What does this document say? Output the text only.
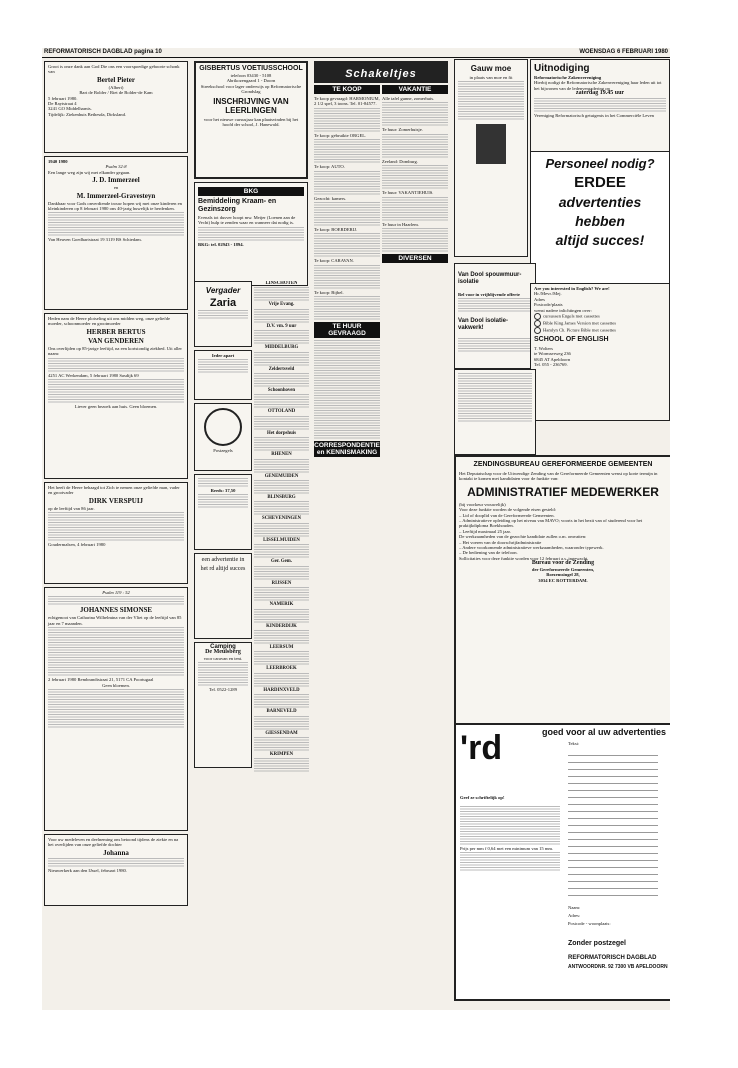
REFORMATORISCH DAGBLAD pagina 10	WOENSDAG 6 FEBRUARI 1980

Groot is onze dank aan God Die ons een voorspoedige geboorte schonk van

Bertel Pieter

(Albert)

Bart de Bolder / Riet de Bolder-de Kam

5 februari 1980.

De Raytstraat 4

3241 GO Middelharnis.

Tijdelijk: Ziekenhuis Bethesda, Dirksland.

1940 1980

Psalm 32:8

Een lange weg zijn wij met elkander gegaan.

J. D. Immerzeel

en

M. Immerzeel-Gravesteyn

Dankbaar voor Gods onverdiende trouw hopen wij met onze kinderen en kleinkinderen op 8 februari 1980 ons 40-jarig huwelijk te herdenken.

Van Heuven Goedhartstraat 19 3119 BS Schiedam.

Heden nam de Heere plotseling uit ons midden weg, onze geliefde moeder, schoonmoeder en grootmoeder

HERBER BERTUS

VAN GENDEREN

Ons overlijden op 85-jarige leeftijd, na een kortstondig ziekbed. Uit aller naam:

4251 AC Werkendam, 5 februari 1980 Sasdijk 69

Liever geen bezoek aan huis. Geen bloemen.

Het heeft de Heere behaagd tot Zich te nemen onze geliefde man, vader en grootvader

DIRK VERSPUIJ

op de leeftijd van 86 jaar.

Goudermalsen, 4 februari 1980

Psalm 119 : 52

JOHANNES SIMONSE

echtgenoot van Catharina Wilhelmina van der Vliet op de leeftijd van 85 jaar en 7 maanden.

2 februari 1980 Rembrandtstraat 21, 5171 CA Poortugaal

Geen bloemen.

Voor uw medeleven en deelneming ons betoond tijdens de ziekte en na het overlijden van onze geliefde dochter

Johanna

Nieuwerkerk aan den IJssel, februari 1980.

GISBERTUS VOETIUSSCHOOL

telefoon 03430 - 5108

Abrikozengaard 1 - Doorn

Streekschool voor lager onderwijs op Reformatorische Grondslag

INSCHRIJVING VAN LEERLINGEN

voor het nieuwe cursusjaar kan plaatsvinden bij het hoofd der school, J. Hanewald.

BKG

Bemiddeling Kraam- en Gezinszorg

Evenals tot dusver hoopt mw. Meijer (Loenen aan de Vecht) hulp te zenden waar en wanneer dat nodig is.

BKG: tel. 02943 - 1894.

Vergader

Zaria

Ieder apart

Postzegels

Reeds: 37,50

een advertentie in het rd altijd succes

Camping

De Meulsberg

voor caravan en tent.

Tel. 0522-1289

LINSCHOTEN
Vrije Evang.
D.V. vm. 9 uur
MIDDELBURG
Zeldertsveld
Schoonhoven
OTTOLAND
Het dorpshuis
RHENEN
GENEMUIDEN
BLINSBURG
SCHEVENINGEN
LISSELMUIDEN
Ger. Gem.
RIJSSEN
NAMERIK
KINDERDIJK
LEERSUM
LEERBROEK
HARDINXVELD
BARNEVELD
GIESSENDAM
KRIMPEN
Schakeltjes
TE KOOP

Te koop gevraagd: HARMONIUM, 2 1/2 spel, 3 toons. Tel. 01-84577.

Te koop: gebruikte ORGEL.

Te koop: AUTO.

Gezocht: kamers.

Te koop: BOERDERIJ.

Te koop: CARAVAN.

Te koop: Bijbel.

TE HUUR GEVRAAGD
CORRESPONDENTIE en KENNISMAKING
VAKANTIE

Alle tafel gunne, zomerhuis.

Te huur: Zomerhuisje.

Zeeland: Domburg.

Te huur: VAKANTIEHUIS.

Te huur in Haarlem.

DIVERSEN

Gauw moe

in plaats van moe en fit

Uitnodiging

Reformatorische Zakenvereniging

Hierbij nodigt de Reformatorische Zakenvereniging haar leden uit tot het bijwonen van de ledenvergadering op

zaterdag 19.45 uur

Vereniging Reformatorisch getuigenis in het Commerciële Leven

Personeel nodig?

ERDEE

advertenties

hebben

altijd succes!

Van Dool spouwmuur-isolatie

Bel voor in vrijblijvende offerte

Van Dool isolatie-vakwerk!

Are you interested in English? We are!

Hr./Mevr./Mej.

Adres

Postcode/plaats

wenst nadere inlichtingen over:

cursussen Engels met cassettes

Bible King James Version met cassettes

Hamlyn Ch. Picture Bible met cassettes

SCHOOL OF ENGLISH

T. Wolters

te Wormserweg 236

6845 AT Apeldoorn

Tel. 055 - 236769.

ZENDINGSBUREAU GEREFORMEERDE GEMEENTEN

Het Deputatschap voor de Uitwendige Zending van de Gereformeerde Gemeenten wenst op korte termijn in kontakt te komen met kandidaten voor de funktie van:

ADMINISTRATIEF MEDEWERKER

(bij voorkeur vrouwelijk)

Voor deze funktie worden de volgende eisen gesteld:

– Lid of doopIid van de Gereformeerde Gemeenten.

– Administratieve opleiding op het niveau van MAVO; voorts in het bezit van of studerend voor het praktijkdiploma Boekhouden.

– Leeftijd maximaal 25 jaar.

De werkzaamheden van de gezochte kandidate zullen o.m. omvatten:

– Het voeren van de doorschrijfadministratie

– Andere voorkomende administratieve werkzaamheden, waaronder typewerk.

– De bediening van de telefoon.

Sollicitaties voor deze funktie worden voor 12 februari a.s. ingewacht.

Bureau voor de Zending

der Gereformeerde Gemeenten,

Boezemsingel 28,

3034 EC ROTTERDAM.

'rd	goed voor al uw advertenties

Tekst:

Geef ze schriftelijk op!

Prijs per mm f 0,64 met een minimum van 15 mm.

Naam:

Adres:

Postcode - woonplaats:

Zonder postzegel

REFORMATORISCH DAGBLAD

ANTWOORDNR. 92 7300 VB APELDOORN
